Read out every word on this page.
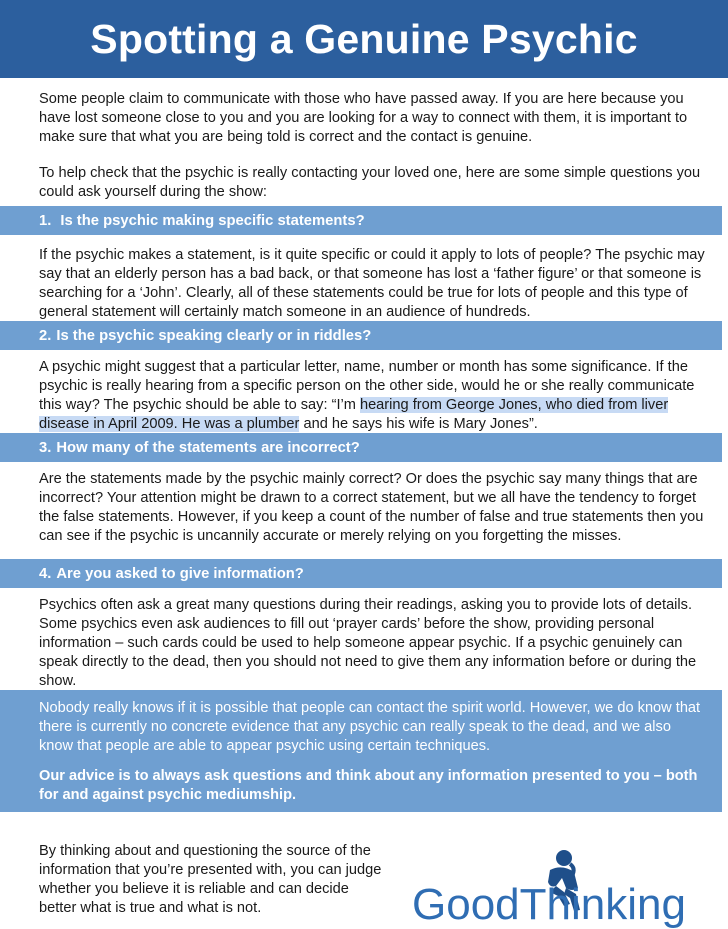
Spotting a Genuine Psychic

Some people claim to communicate with those who have passed away. If you are here because you have lost someone close to you and you are looking for a way to connect with them, it is important to make sure that what you are being told is correct and the contact is genuine.

To help check that the psychic is really contacting your loved one, here are some simple questions you could ask yourself during the show:

1. Is the psychic making specific statements?

If the psychic makes a statement, is it quite specific or could it apply to lots of people? The psychic may say that an elderly person has a bad back, or that someone has lost a ‘father figure’ or that someone is searching for a ‘John’. Clearly, all of these statements could be true for lots of people and this type of general statement will certainly match someone in an audience of hundreds.

2. Is the psychic speaking clearly or in riddles?

A psychic might suggest that a particular letter, name, number or month has some significance. If the psychic is really hearing from a specific person on the other side, would he or she really communicate this way? The psychic should be able to say: “I’m hearing from George Jones, who died from liver disease in April 2009. He was a plumber and he says his wife is Mary Jones”.

3. How many of the statements are incorrect?

Are the statements made by the psychic mainly correct? Or does the psychic say many things that are incorrect? Your attention might be drawn to a correct statement, but we all have the tendency to forget the false statements. However, if you keep a count of the number of false and true statements then you can see if the psychic is uncannily accurate or merely relying on you forgetting the misses.

4. Are you asked to give information?

Psychics often ask a great many questions during their readings, asking you to provide lots of details. Some psychics even ask audiences to fill out ‘prayer cards’ before the show, providing personal information – such cards could be used to help someone appear psychic. If a psychic genuinely can speak directly to the dead, then you should not need to give them any information before or during the show.

Nobody really knows if it is possible that people can contact the spirit world. However, we do know that there is currently no concrete evidence that any psychic can really speak to the dead, and we also know that people are able to appear psychic using certain techniques.

Our advice is to always ask questions and think about any information presented to you – both for and against psychic mediumship.

By thinking about and questioning the source of the information that you’re presented with, you can judge whether you believe it is reliable and can decide better what is true and what is not.	GoodThinking
